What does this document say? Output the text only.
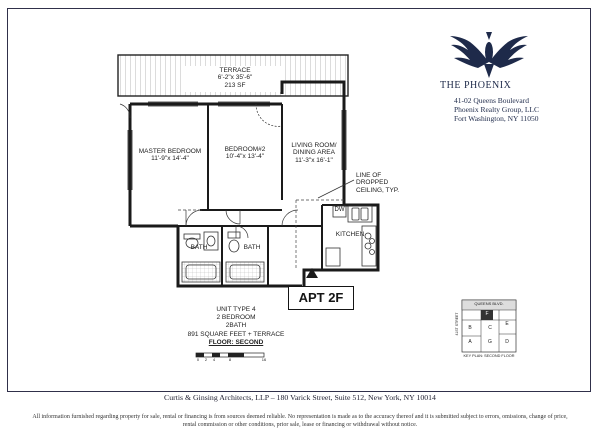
THE PHOENIX
41-02 Queens Boulevard
Phoenix Realty Group, LLC
Fort Washington, NY 11050
TERRACE
6'-2"x 35'-6"
213 SF
MASTER BEDROOM
11'-9"x 14'-4"
BEDROOM#2
10'-4"x 13'-4"
LIVING ROOM/
DINING AREA
11'-3"x 16'-1"
KITCHEN
BATH	BATH
DW
LINE OF
DROPPED
CEILING, TYP.
APT 2F
UNIT TYPE 4
2 BEDROOM
2BATH
891 SQUARE FEET + TERRACE
FLOOR: SECOND
0	2	4	8	16
QUEENS BLVD.
41ST STREET
KEY PLAN: SECOND FLOOR
A
B	C
D
E
F
G
Curtis & Ginsing Architects, LLP – 180 Varick Street, Suite 512, New York, NY 10014
All information furnished regarding property for sale, rental or financing is from sources deemed reliable. No representation is made as to the accuracy thereof and it is submitted subject to errors, omissions, change of price, rental commission or other conditions, prior sale, lease or financing or withdrawal without notice.
